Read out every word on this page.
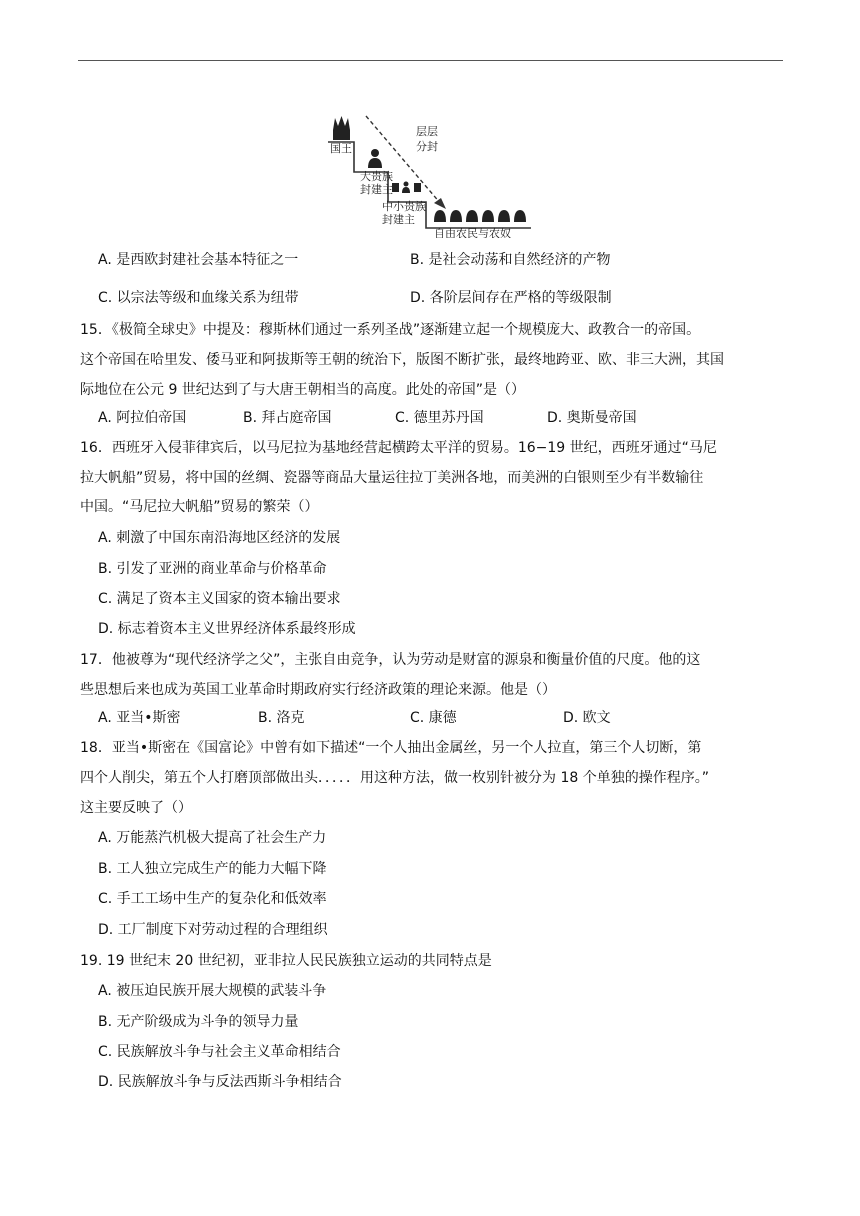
国王
大贵族
封建主
中小贵族
封建主
自由农民与农奴
层层
分封
A. 是西欧封建社会基本特征之一	B. 是社会动荡和自然经济的产物
C. 以宗法等级和血缘关系为纽带	D. 各阶层间存在严格的等级限制
15．《极简全球史》中提及：穆斯林们通过一系列圣战”逐渐建立起一个规模庞大、政教合一的帝国。
这个帝国在哈里发、倭马亚和阿拔斯等王朝的统治下，版图不断扩张，最终地跨亚、欧、非三大洲，其国
际地位在公元 9 世纪达到了与大唐王朝相当的高度。此处的帝国”是（）
A. 阿拉伯帝国	B. 拜占庭帝国	C. 德里苏丹国	D. 奥斯曼帝国
16．西班牙入侵菲律宾后，以马尼拉为基地经营起横跨太平洋的贸易。16−19 世纪，西班牙通过“马尼
拉大帆船”贸易，将中国的丝绸、瓷器等商品大量运往拉丁美洲各地，而美洲的白银则至少有半数输往
中国。“马尼拉大帆船”贸易的繁荣（）
A. 刺激了中国东南沿海地区经济的发展
B. 引发了亚洲的商业革命与价格革命
C. 满足了资本主义国家的资本输出要求
D. 标志着资本主义世界经济体系最终形成
17．他被尊为“现代经济学之父”，主张自由竞争，认为劳动是财富的源泉和衡量价值的尺度。他的这
些思想后来也成为英国工业革命时期政府实行经济政策的理论来源。他是（）
A. 亚当•斯密	B. 洛克	C. 康德	D. 欧文
18．亚当•斯密在《国富论》中曾有如下描述“一个人抽出金属丝，另一个人拉直，第三个人切断，第
四个人削尖，第五个人打磨顶部做出头．．．．．用这种方法，做一枚别针被分为 18 个单独的操作程序。”
这主要反映了（）
A. 万能蒸汽机极大提高了社会生产力
B. 工人独立完成生产的能力大幅下降
C. 手工工场中生产的复杂化和低效率
D. 工厂制度下对劳动过程的合理组织
19. 19 世纪末 20 世纪初，亚非拉人民民族独立运动的共同特点是
A. 被压迫民族开展大规模的武装斗争
B. 无产阶级成为斗争的领导力量
C. 民族解放斗争与社会主义革命相结合
D. 民族解放斗争与反法西斯斗争相结合
